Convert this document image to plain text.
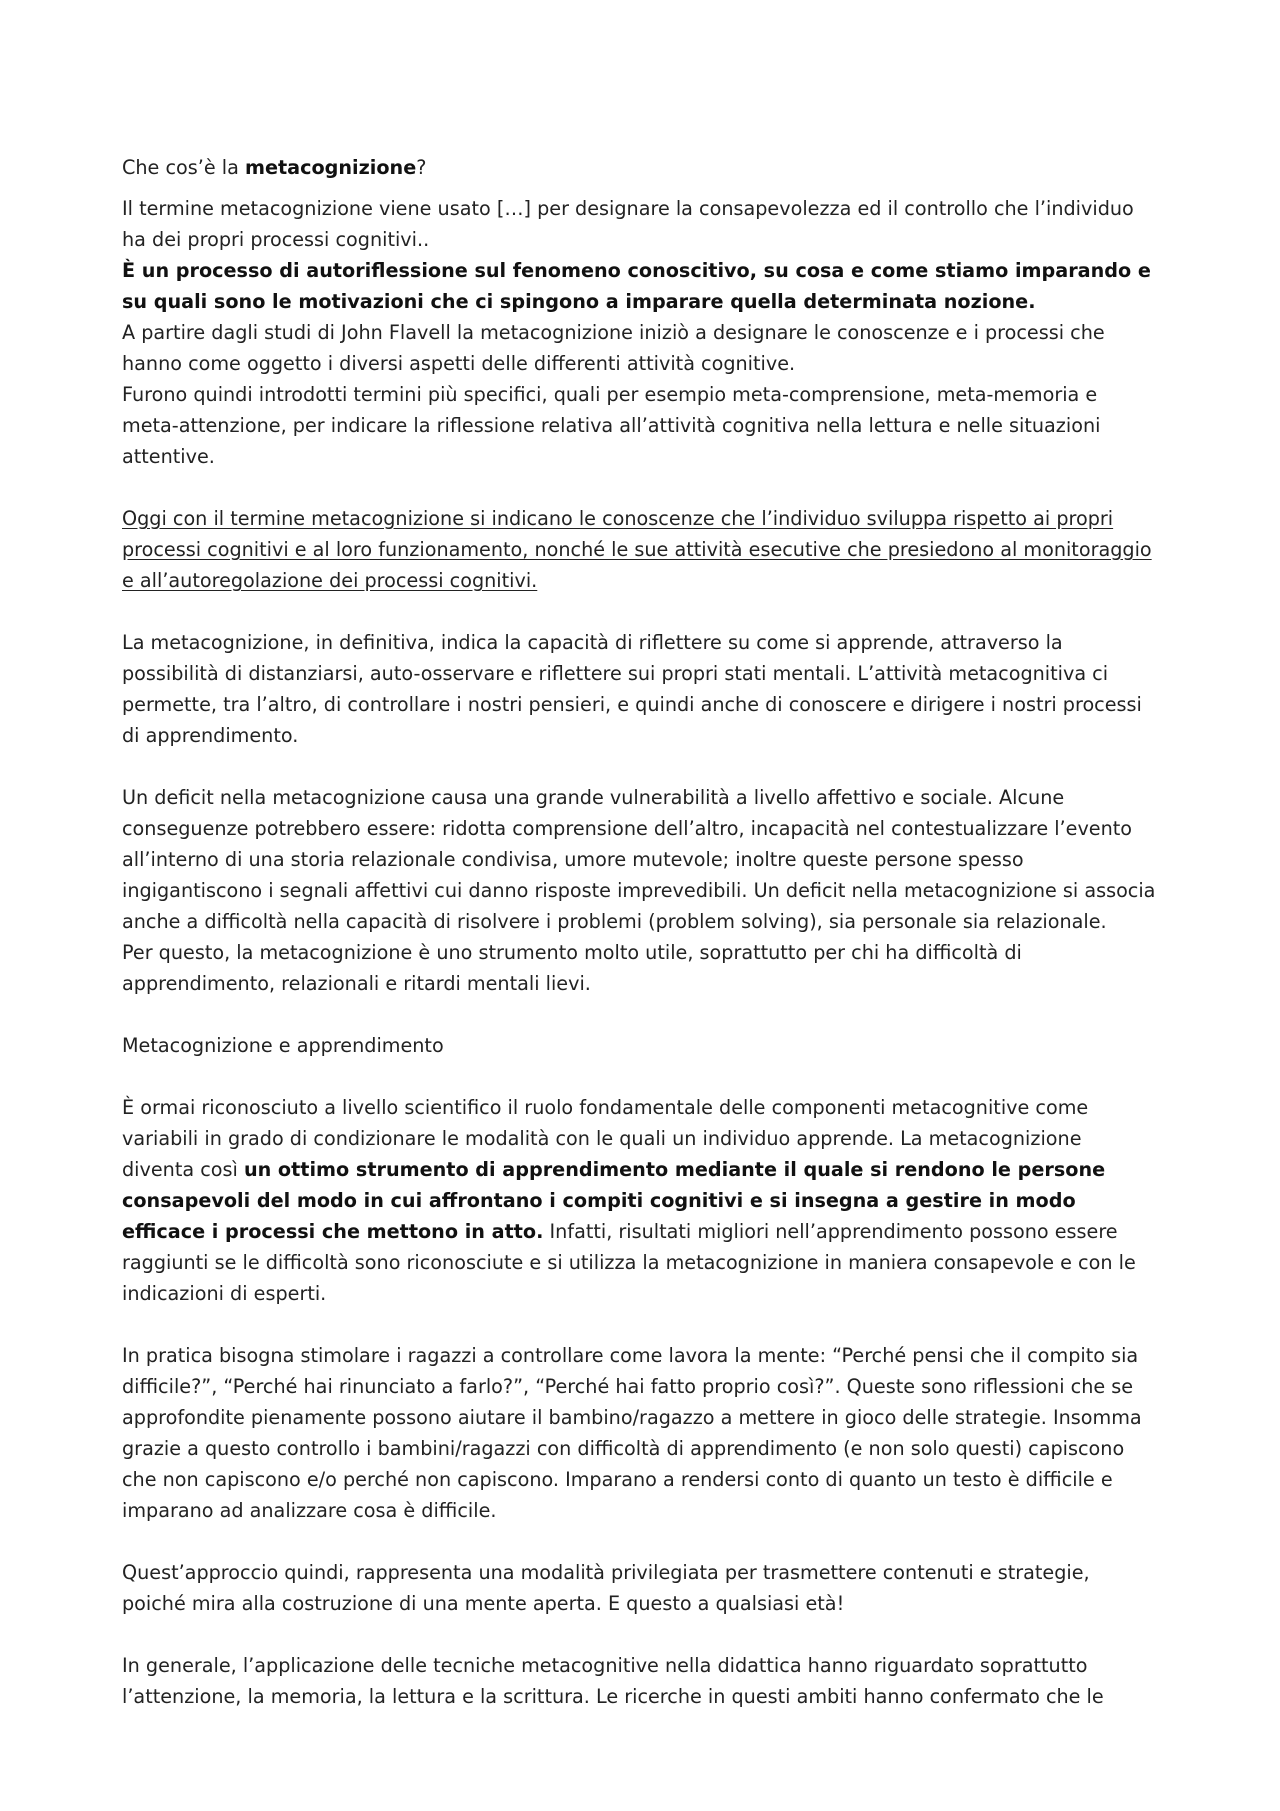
Che cos’è la metacognizione?

Il termine metacognizione viene usato […] per designare la consapevolezza ed il controllo che l’individuo ha dei propri processi cognitivi..

È un processo di autoriflessione sul fenomeno conoscitivo, su cosa e come stiamo imparando e su quali sono le motivazioni che ci spingono a imparare quella determinata nozione.

A partire dagli studi di John Flavell la metacognizione iniziò a designare le conoscenze e i processi che hanno come oggetto i diversi aspetti delle differenti attività cognitive.

Furono quindi introdotti termini più specifici, quali per esempio meta-comprensione, meta-memoria e meta-attenzione, per indicare la riflessione relativa all’attività cognitiva nella lettura e nelle situazioni attentive.

Oggi con il termine metacognizione si indicano le conoscenze che l’individuo sviluppa rispetto ai propri processi cognitivi e al loro funzionamento, nonché le sue attività esecutive che presiedono al monitoraggio e all’autoregolazione dei processi cognitivi.

La metacognizione, in definitiva, indica la capacità di riflettere su come si apprende, attraverso la possibilità di distanziarsi, auto-osservare e riflettere sui propri stati mentali. L’attività metacognitiva ci permette, tra l’altro, di controllare i nostri pensieri, e quindi anche di conoscere e dirigere i nostri processi di apprendimento.

Un deficit nella metacognizione causa una grande vulnerabilità a livello affettivo e sociale. Alcune conseguenze potrebbero essere: ridotta comprensione dell’altro, incapacità nel contestualizzare l’evento all’interno di una storia relazionale condivisa, umore mutevole; inoltre queste persone spesso ingigantiscono i segnali affettivi cui danno risposte imprevedibili. Un deficit nella metacognizione si associa anche a difficoltà nella capacità di risolvere i problemi (problem solving), sia personale sia relazionale.

Per questo, la metacognizione è uno strumento molto utile, soprattutto per chi ha difficoltà di apprendimento, relazionali e ritardi mentali lievi.

Metacognizione e apprendimento

È ormai riconosciuto a livello scientifico il ruolo fondamentale delle componenti metacognitive come variabili in grado di condizionare le modalità con le quali un individuo apprende. La metacognizione diventa così un ottimo strumento di apprendimento mediante il quale si rendono le persone consapevoli del modo in cui affrontano i compiti cognitivi e si insegna a gestire in modo efficace i processi che mettono in atto. Infatti, risultati migliori nell’apprendimento possono essere raggiunti se le difficoltà sono riconosciute e si utilizza la metacognizione in maniera consapevole e con le indicazioni di esperti.

In pratica bisogna stimolare i ragazzi a controllare come lavora la mente: “Perché pensi che il compito sia difficile?”, “Perché hai rinunciato a farlo?”, “Perché hai fatto proprio così?”. Queste sono riflessioni che se approfondite pienamente possono aiutare il bambino/ragazzo a mettere in gioco delle strategie. Insomma grazie a questo controllo i bambini/ragazzi con difficoltà di apprendimento (e non solo questi) capiscono che non capiscono e/o perché non capiscono. Imparano a rendersi conto di quanto un testo è difficile e imparano ad analizzare cosa è difficile.

Quest’approccio quindi, rappresenta una modalità privilegiata per trasmettere contenuti e strategie, poiché mira alla costruzione di una mente aperta. E questo a qualsiasi età!

In generale, l’applicazione delle tecniche metacognitive nella didattica hanno riguardato soprattutto l’attenzione, la memoria, la lettura e la scrittura. Le ricerche in questi ambiti hanno confermato che le
